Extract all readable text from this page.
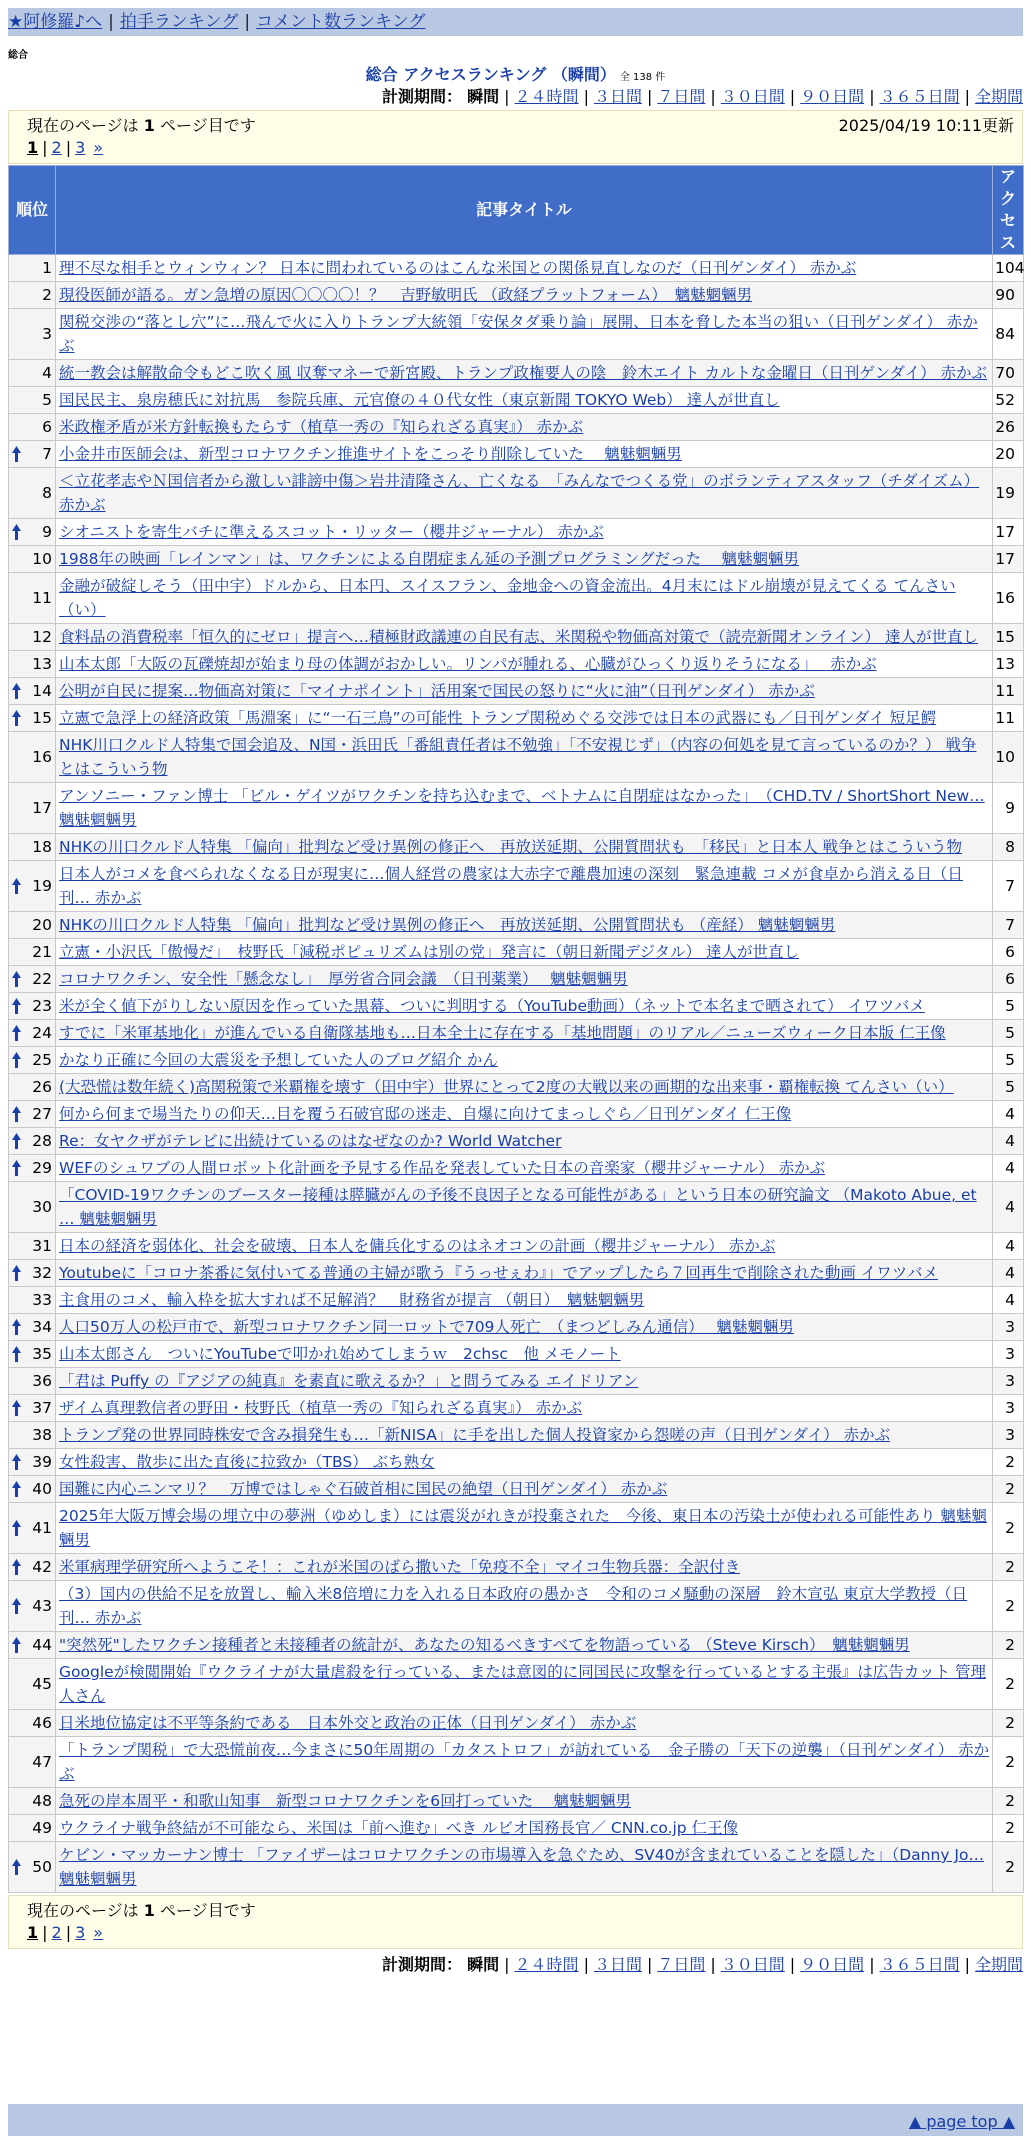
★阿修羅♪へ | 拍手ランキング | コメント数ランキング
総合
総合 アクセスランキング （瞬間） 全 138 件
計測期間： 瞬間 | ２４時間 | ３日間 | ７日間 | ３０日間 | ９０日間 | ３６５日間 | 全期間
現在のページは 1 ページ目です	2025/04/19 10:11更新
1 | 2 | 3 »
順位	記事タイトル	アクセス
1	理不尽な相手とウィンウィン？ 日本に問われているのはこんな米国との関係見直しなのだ（日刊ゲンダイ） 赤かぶ	104
2	現役医師が語る。ガン急増の原因〇〇〇〇！？　吉野敏明氏 （政経プラットフォーム）　魑魅魍魎男	90
3	関税交渉の“落とし穴”に…飛んで火に入りトランプ大統領「安保タダ乗り論」展開、日本を脅した本当の狙い（日刊ゲンダイ） 赤かぶ	84
4	統一教会は解散命令もどこ吹く風 収奪マネーで新宮殿、トランプ政権要人の陰　鈴木エイト カルトな金曜日（日刊ゲンダイ） 赤かぶ	70
5	国民民主、泉房穂氏に対抗馬　参院兵庫、元官僚の４０代女性（東京新聞 TOKYO Web） 達人が世直し	52
6	米政権矛盾が米方針転換もたらす（植草一秀の『知られざる真実』） 赤かぶ	26

7	小金井市医師会は、新型コロナワクチン推進サイトをこっそり削除していた　 魑魅魍魎男	20
8	＜立花孝志やＮ国信者から激しい誹謗中傷＞岩井清隆さん、亡くなる　「みんなでつくる党」のボランティアスタッフ（チダイズム） 赤かぶ	19

9	シオニストを寄生バチに準えるスコット・リッター（櫻井ジャーナル） 赤かぶ	17
10	1988年の映画「レインマン」は、ワクチンによる自閉症まん延の予測プログラミングだった　 魑魅魍魎男	17
11	金融が破綻しそう（田中宇）ドルから、日本円、スイスフラン、金地金への資金流出。4月末にはドル崩壊が見えてくる てんさい（い）	16
12	食料品の消費税率「恒久的にゼロ」提言へ…積極財政議連の自民有志、米関税や物価高対策で（読売新聞オンライン） 達人が世直し	15
13	山本太郎「大阪の瓦礫焼却が始まり母の体調がおかしい。リンパが腫れる、心臓がひっくり返りそうになる」　 赤かぶ	13

14	公明が自民に提案…物価高対策に「マイナポイント」活用案で国民の怒りに“火に油”（日刊ゲンダイ） 赤かぶ	11

15	立憲で急浮上の経済政策「馬淵案」に“一石三鳥”の可能性 トランプ関税めぐる交渉では日本の武器にも／日刊ゲンダイ 短足鰐	11
16	NHK川口クルド人特集で国会追及、N国・浜田氏「番組責任者は不勉強」「不安視じず」（内容の何処を見て言っているのか？） 戦争とはこういう物	10
17	アンソニー・ファン博士 「ビル・ゲイツがワクチンを持ち込むまで、ベトナムに自閉症はなかった」　（CHD.TV / ShortShort New… 魑魅魍魎男	9
18	NHKの川口クルド人特集 「偏向」批判など受け異例の修正へ　再放送延期、公開質問状も　「移民」と日本人 戦争とはこういう物	8

19	日本人がコメを食べられなくなる日が現実に…個人経営の農家は大赤字で離農加速の深刻　緊急連載 コメが食卓から消える日（日刊… 赤かぶ	7
20	NHKの川口クルド人特集 「偏向」批判など受け異例の修正へ　再放送延期、公開質問状も （産経） 魑魅魍魎男	7
21	立憲・小沢氏「傲慢だ」　枝野氏「減税ポピュリズムは別の党」発言に（朝日新聞デジタル） 達人が世直し	6

22	コロナワクチン、安全性「懸念なし」　厚労省合同会議　（日刊薬業）　 魑魅魍魎男	6

23	米が全く値下がりしない原因を作っていた黒幕、ついに判明する（YouTube動画）（ネットで本名まで晒されて） イワツバメ	5

24	すでに「米軍基地化」が進んでいる自衛隊基地も…日本全土に存在する「基地問題」のリアル／ニューズウィーク日本版 仁王像	5

25	かなり正確に今回の大震災を予想していた人のブログ紹介 かん	5
26	(大恐慌は数年続く)高関税策で米覇権を壊す（田中宇）世界にとって2度の大戦以来の画期的な出来事・覇権転換 てんさい（い）	5

27	何から何まで場当たりの仰天…目を覆う石破官邸の迷走、自爆に向けてまっしぐら／日刊ゲンダイ 仁王像	4

28	Re：女ヤクザがテレビに出続けているのはなぜなのか? World Watcher	4

29	WEFのシュワブの人間ロボット化計画を予見する作品を発表していた日本の音楽家（櫻井ジャーナル） 赤かぶ	4
30	「COVID-19ワクチンのブースター接種は膵臓がんの予後不良因子となる可能性がある」という日本の研究論文 （Makoto Abue, et … 魑魅魍魎男	4
31	日本の経済を弱体化、社会を破壊、日本人を傭兵化するのはネオコンの計画（櫻井ジャーナル） 赤かぶ	4

32	Youtubeに「コロナ茶番に気付いてる普通の主婦が歌う『うっせぇわ』」でアップしたら７回再生で削除された動画 イワツバメ	4
33	主食用のコメ、輸入枠を拡大すれば不足解消？　財務省が提言 （朝日）　魑魅魍魎男	4

34	人口50万人の松戸市で、新型コロナワクチン同一ロットで709人死亡　（まつどしみん通信）　 魑魅魍魎男	3

35	山本太郎さん　ついにYouTubeで叩かれ始めてしまうｗ　2chsc　他 メモノート	3
36	「君は Puffy の『アジアの純真』を素直に歌えるか？」と問うてみる エイドリアン	3

37	ザイム真理教信者の野田・枝野氏（植草一秀の『知られざる真実』） 赤かぶ	3
38	トランプ発の世界同時株安で含み損発生も…「新NISA」に手を出した個人投資家から怨嗟の声（日刊ゲンダイ） 赤かぶ	3

39	女性殺害、散歩に出た直後に拉致か（TBS） ぶち熟女	2

40	国難に内心ニンマリ？　万博ではしゃぐ石破首相に国民の絶望（日刊ゲンダイ） 赤かぶ	2

41	2025年大阪万博会場の埋立中の夢洲（ゆめしま）には震災がれきが投棄された　今後、東日本の汚染土が使われる可能性あり 魑魅魍魎男	2

42	米軍病理学研究所へようこそ！：これが米国のばら撒いた「免疫不全」マイコ生物兵器：全訳付き	2

43	（3）国内の供給不足を放置し、輸入米8倍増に力を入れる日本政府の愚かさ　令和のコメ騒動の深層　鈴木宣弘 東京大学教授（日刊… 赤かぶ	2

44	"突然死"したワクチン接種者と未接種者の統計が、あなたの知るべきすべてを物語っている （Steve Kirsch）　魑魅魍魎男	2
45	Googleが検閲開始『ウクライナが大量虐殺を行っている、または意図的に同国民に攻撃を行っているとする主張』は広告カット 管理人さん	2
46	日米地位協定は不平等条約である　日本外交と政治の正体（日刊ゲンダイ） 赤かぶ	2
47	「トランプ関税」で大恐慌前夜…今まさに50年周期の「カタストロフ」が訪れている　金子勝の「天下の逆襲」（日刊ゲンダイ） 赤かぶ	2
48	急死の岸本周平・和歌山知事　新型コロナワクチンを6回打っていた　 魑魅魍魎男	2
49	ウクライナ戦争終結が不可能なら、米国は「前へ進む」べき ルビオ国務長官／ CNN.co.jp 仁王像	2

50	ケビン・マッカーナン博士 「ファイザーはコロナワクチンの市場導入を急ぐため、SV40が含まれていることを隠した」（Danny Jo… 魑魅魍魎男	2
現在のページは 1 ページ目です
1 | 2 | 3 »
計測期間： 瞬間 | ２４時間 | ３日間 | ７日間 | ３０日間 | ９０日間 | ３６５日間 | 全期間
▲ page top ▲
